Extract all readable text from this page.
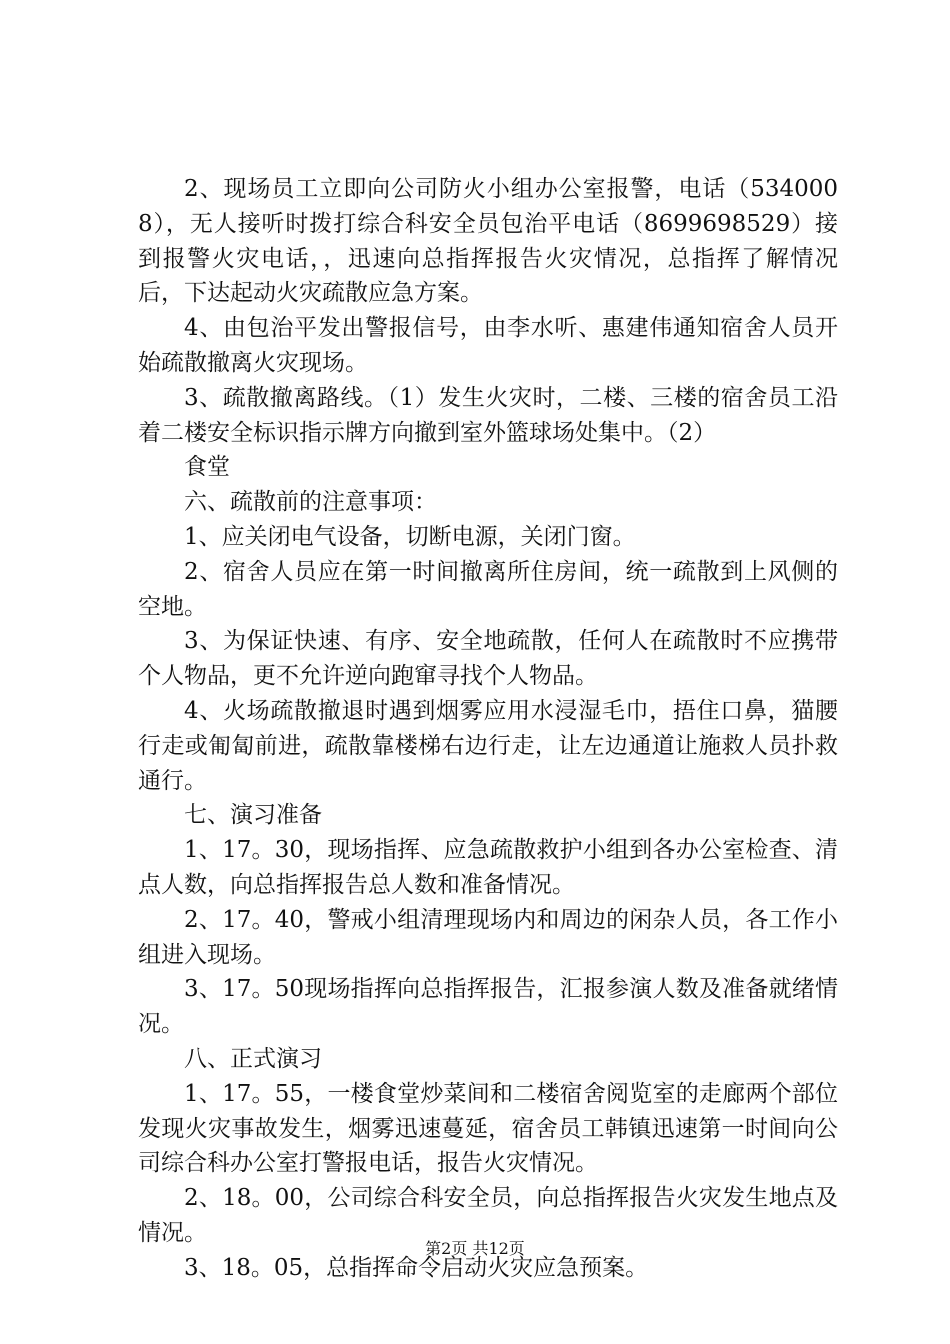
2、现场员工立即向公司防火小组办公室报警，电话（5340008），无人接听时拨打综合科安全员包治平电话（8699698529）接到报警火灾电话，，迅速向总指挥报告火灾情况，总指挥了解情况后，下达起动火灾疏散应急方案。

4、由包治平发出警报信号，由李水听、惠建伟通知宿舍人员开始疏散撤离火灾现场。

3、疏散撤离路线。（1）发生火灾时，二楼、三楼的宿舍员工沿着二楼安全标识指示牌方向撤到室外篮球场处集中。（2）

食堂

六、疏散前的注意事项：

1、应关闭电气设备，切断电源，关闭门窗。

2、宿舍人员应在第一时间撤离所住房间，统一疏散到上风侧的空地。

3、为保证快速、有序、安全地疏散，任何人在疏散时不应携带个人物品，更不允许逆向跑窜寻找个人物品。

4、火场疏散撤退时遇到烟雾应用水浸湿毛巾，捂住口鼻，猫腰行走或匍匐前进，疏散靠楼梯右边行走，让左边通道让施救人员扑救通行。

七、演习准备

1、17。30，现场指挥、应急疏散救护小组到各办公室检查、清点人数，向总指挥报告总人数和准备情况。

2、17。40，警戒小组清理现场内和周边的闲杂人员，各工作小组进入现场。

3、17。50现场指挥向总指挥报告，汇报参演人数及准备就绪情况。

八、正式演习

1、17。55，一楼食堂炒菜间和二楼宿舍阅览室的走廊两个部位发现火灾事故发生，烟雾迅速蔓延，宿舍员工韩镇迅速第一时间向公司综合科办公室打警报电话，报告火灾情况。

2、18。00，公司综合科安全员，向总指挥报告火灾发生地点及情况。

3、18。05，总指挥命令启动火灾应急预案。

第2页 共12页
